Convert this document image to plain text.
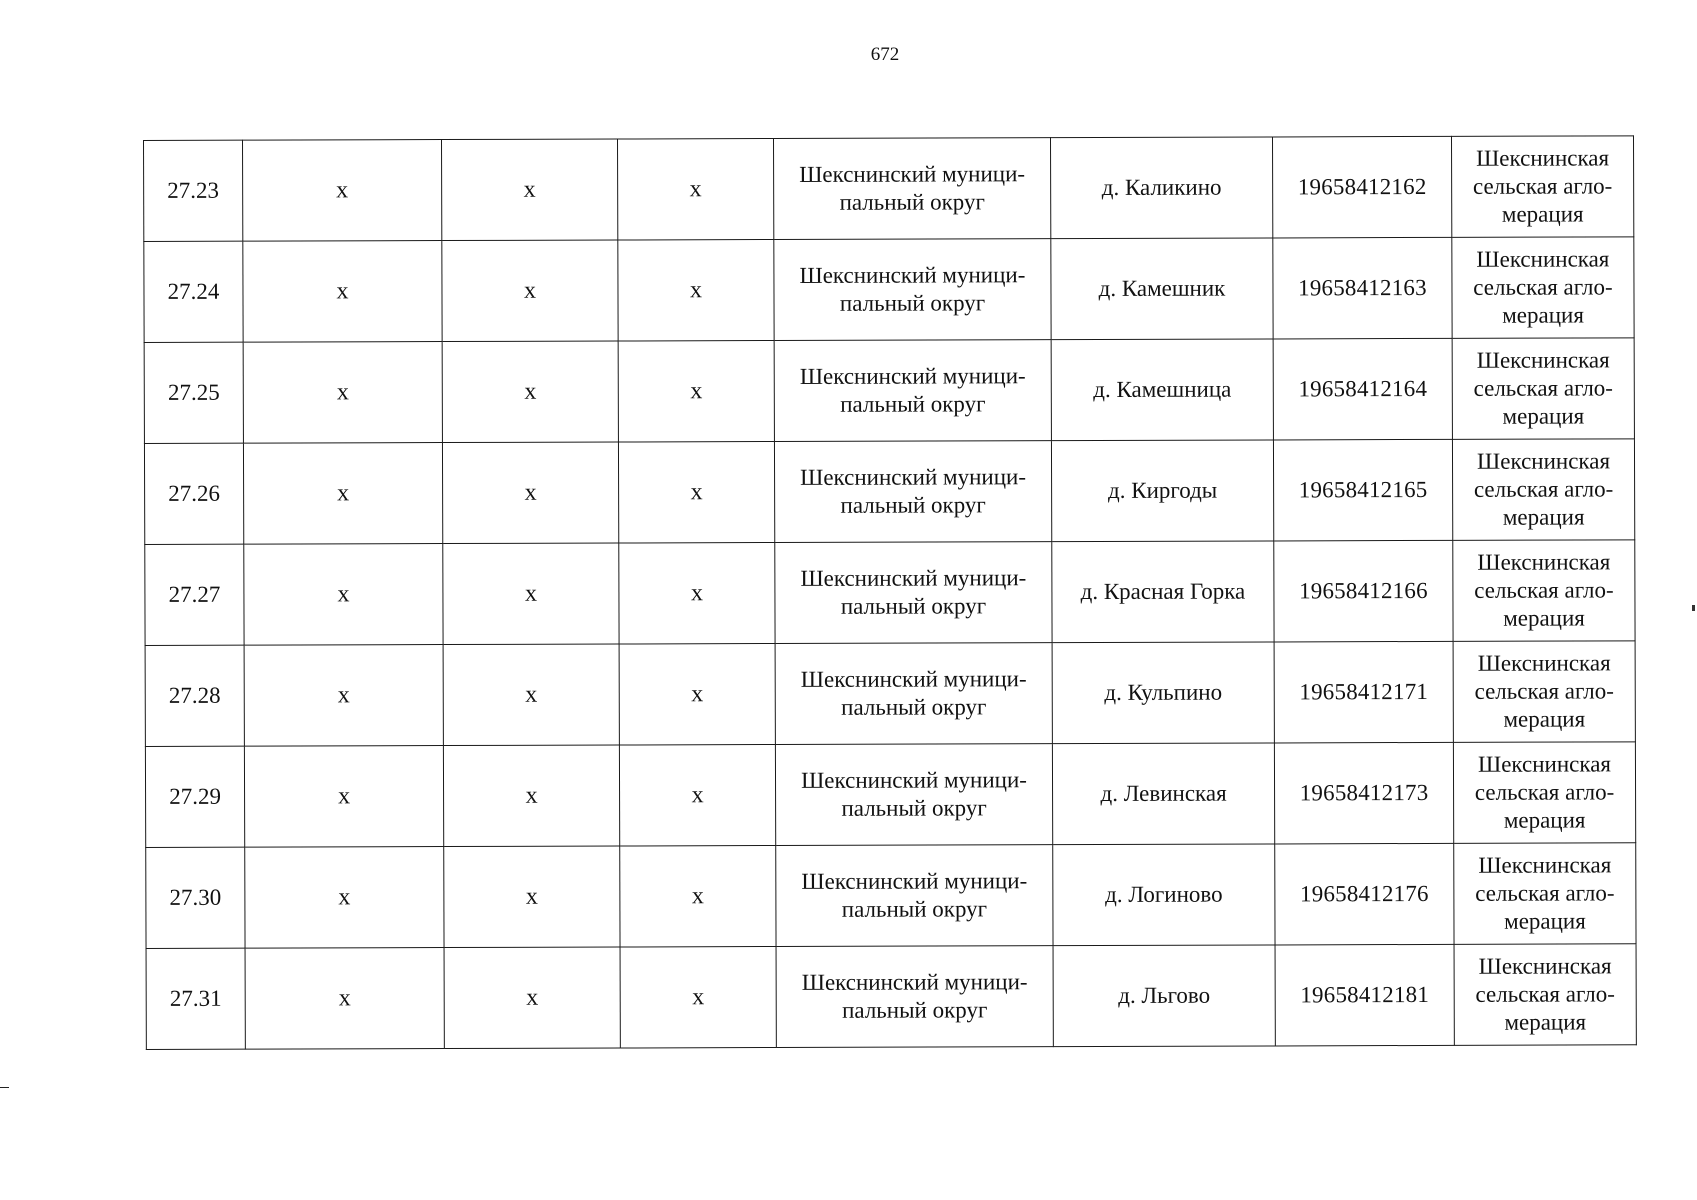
672
27.23	х	х	х	Шекснинский муници-
пальный округ	д. Каликино	19658412162	Шекснинская
сельская агло-
мерация
27.24	х	х	х	Шекснинский муници-
пальный округ	д. Камешник	19658412163	Шекснинская
сельская агло-
мерация
27.25	х	х	х	Шекснинский муници-
пальный округ	д. Камешница	19658412164	Шекснинская
сельская агло-
мерация
27.26	х	х	х	Шекснинский муници-
пальный округ	д. Киргоды	19658412165	Шекснинская
сельская агло-
мерация
27.27	х	х	х	Шекснинский муници-
пальный округ	д. Красная Горка	19658412166	Шекснинская
сельская агло-
мерация
27.28	х	х	х	Шекснинский муници-
пальный округ	д. Кульпино	19658412171	Шекснинская
сельская агло-
мерация
27.29	х	х	х	Шекснинский муници-
пальный округ	д. Левинская	19658412173	Шекснинская
сельская агло-
мерация
27.30	х	х	х	Шекснинский муници-
пальный округ	д. Логиново	19658412176	Шекснинская
сельская агло-
мерация
27.31	х	х	х	Шекснинский муници-
пальный округ	д. Льгово	19658412181	Шекснинская
сельская агло-
мерация
